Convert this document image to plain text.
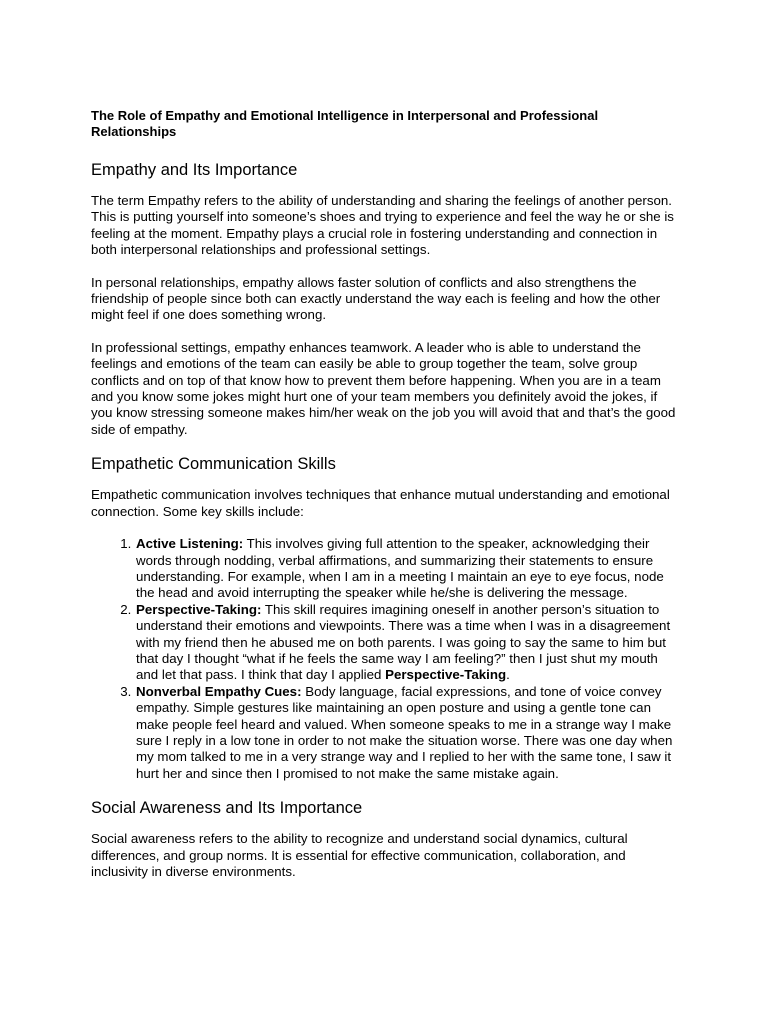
The Role of Empathy and Emotional Intelligence in Interpersonal and Professional Relationships
Empathy and Its Importance

The term Empathy refers to the ability of understanding and sharing the feelings of another person. This is putting yourself into someone’s shoes and trying to experience and feel the way he or she is feeling at the moment. Empathy plays a crucial role in fostering understanding and connection in both interpersonal relationships and professional settings.

In personal relationships, empathy allows faster solution of conflicts and also strengthens the friendship of people since both can exactly understand the way each is feeling and how the other might feel if one does something wrong.

In professional settings, empathy enhances teamwork. A leader who is able to understand the feelings and emotions of the team can easily be able to group together the team, solve group conflicts and on top of that know how to prevent them before happening. When you are in a team and you know some jokes might hurt one of your team members you definitely avoid the jokes, if you know stressing someone makes him/her weak on the job you will avoid that and that’s the good side of empathy.

Empathetic Communication Skills

Empathetic communication involves techniques that enhance mutual understanding and emotional connection. Some key skills include:

1. Active Listening: This involves giving full attention to the speaker, acknowledging their words through nodding, verbal affirmations, and summarizing their statements to ensure understanding. For example, when I am in a meeting I maintain an eye to eye focus, node the head and avoid interrupting the speaker while he/she is delivering the message.
2. Perspective-Taking: This skill requires imagining oneself in another person’s situation to understand their emotions and viewpoints. There was a time when I was in a disagreement with my friend then he abused me on both parents. I was going to say the same to him but that day I thought “what if he feels the same way I am feeling?” then I just shut my mouth and let that pass. I think that day I applied Perspective-Taking.
3. Nonverbal Empathy Cues: Body language, facial expressions, and tone of voice convey empathy. Simple gestures like maintaining an open posture and using a gentle tone can make people feel heard and valued. When someone speaks to me in a strange way I make sure I reply in a low tone in order to not make the situation worse. There was one day when my mom talked to me in a very strange way and I replied to her with the same tone, I saw it hurt her and since then I promised to not make the same mistake again.
Social Awareness and Its Importance

Social awareness refers to the ability to recognize and understand social dynamics, cultural differences, and group norms. It is essential for effective communication, collaboration, and inclusivity in diverse environments.
